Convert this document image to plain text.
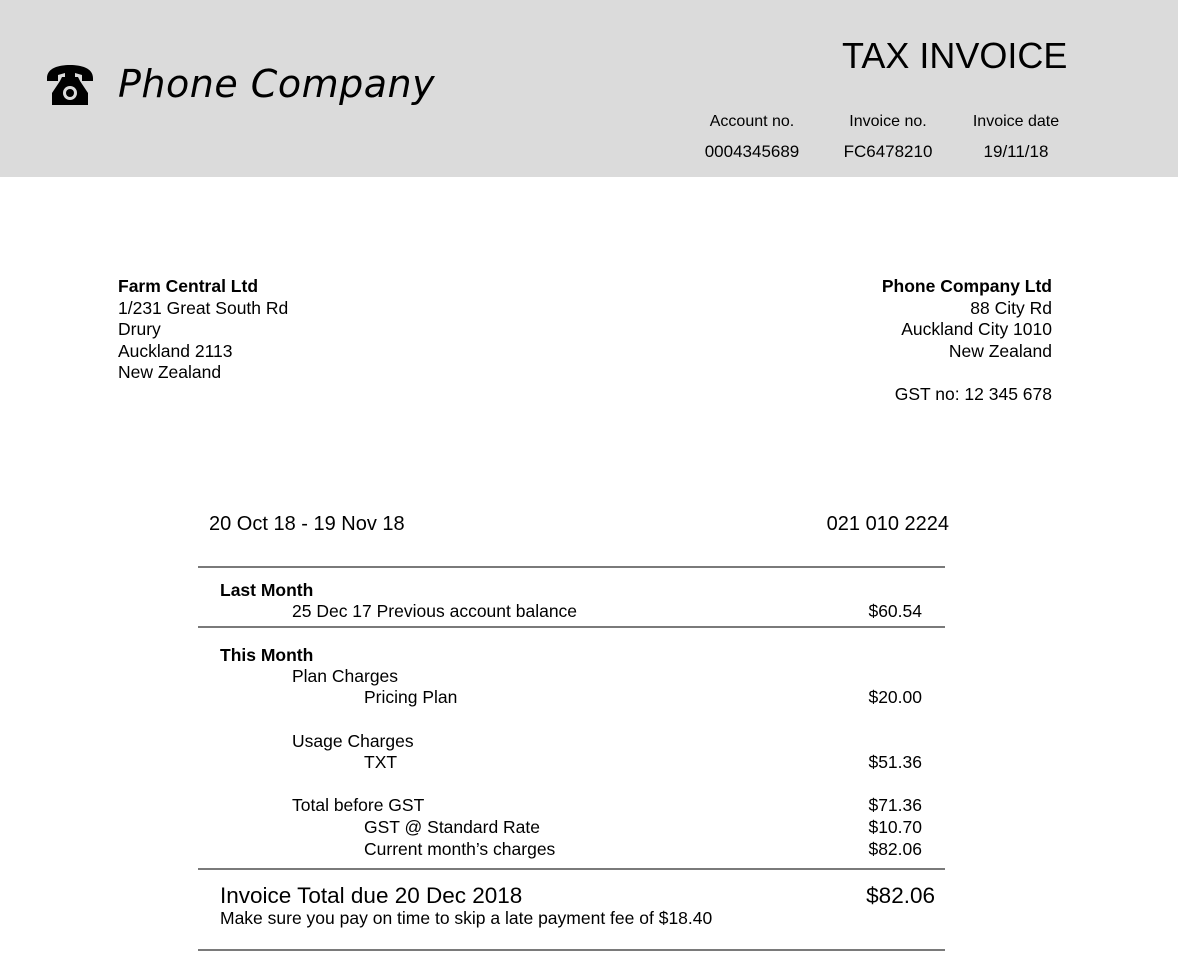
Phone Company
TAX INVOICE
Account no.
0004345689
Invoice no.
FC6478210
Invoice date
19/11/18
Farm Central Ltd
1/231 Great South Rd
Drury
Auckland 2113
New Zealand
Phone Company Ltd
88 City Rd
Auckland City 1010
New Zealand
GST no: 12 345 678
20 Oct 18 - 19 Nov 18	021 010 2224
Last Month
25 Dec 17 Previous account balance	$60.54
This Month
Plan Charges
Pricing Plan	$20.00
Usage Charges
TXT	$51.36
Total before GST	$71.36
GST @ Standard Rate	$10.70
Current month’s charges	$82.06
Invoice Total due 20 Dec 2018	$82.06
Make sure you pay on time to skip a late payment fee of $18.40
